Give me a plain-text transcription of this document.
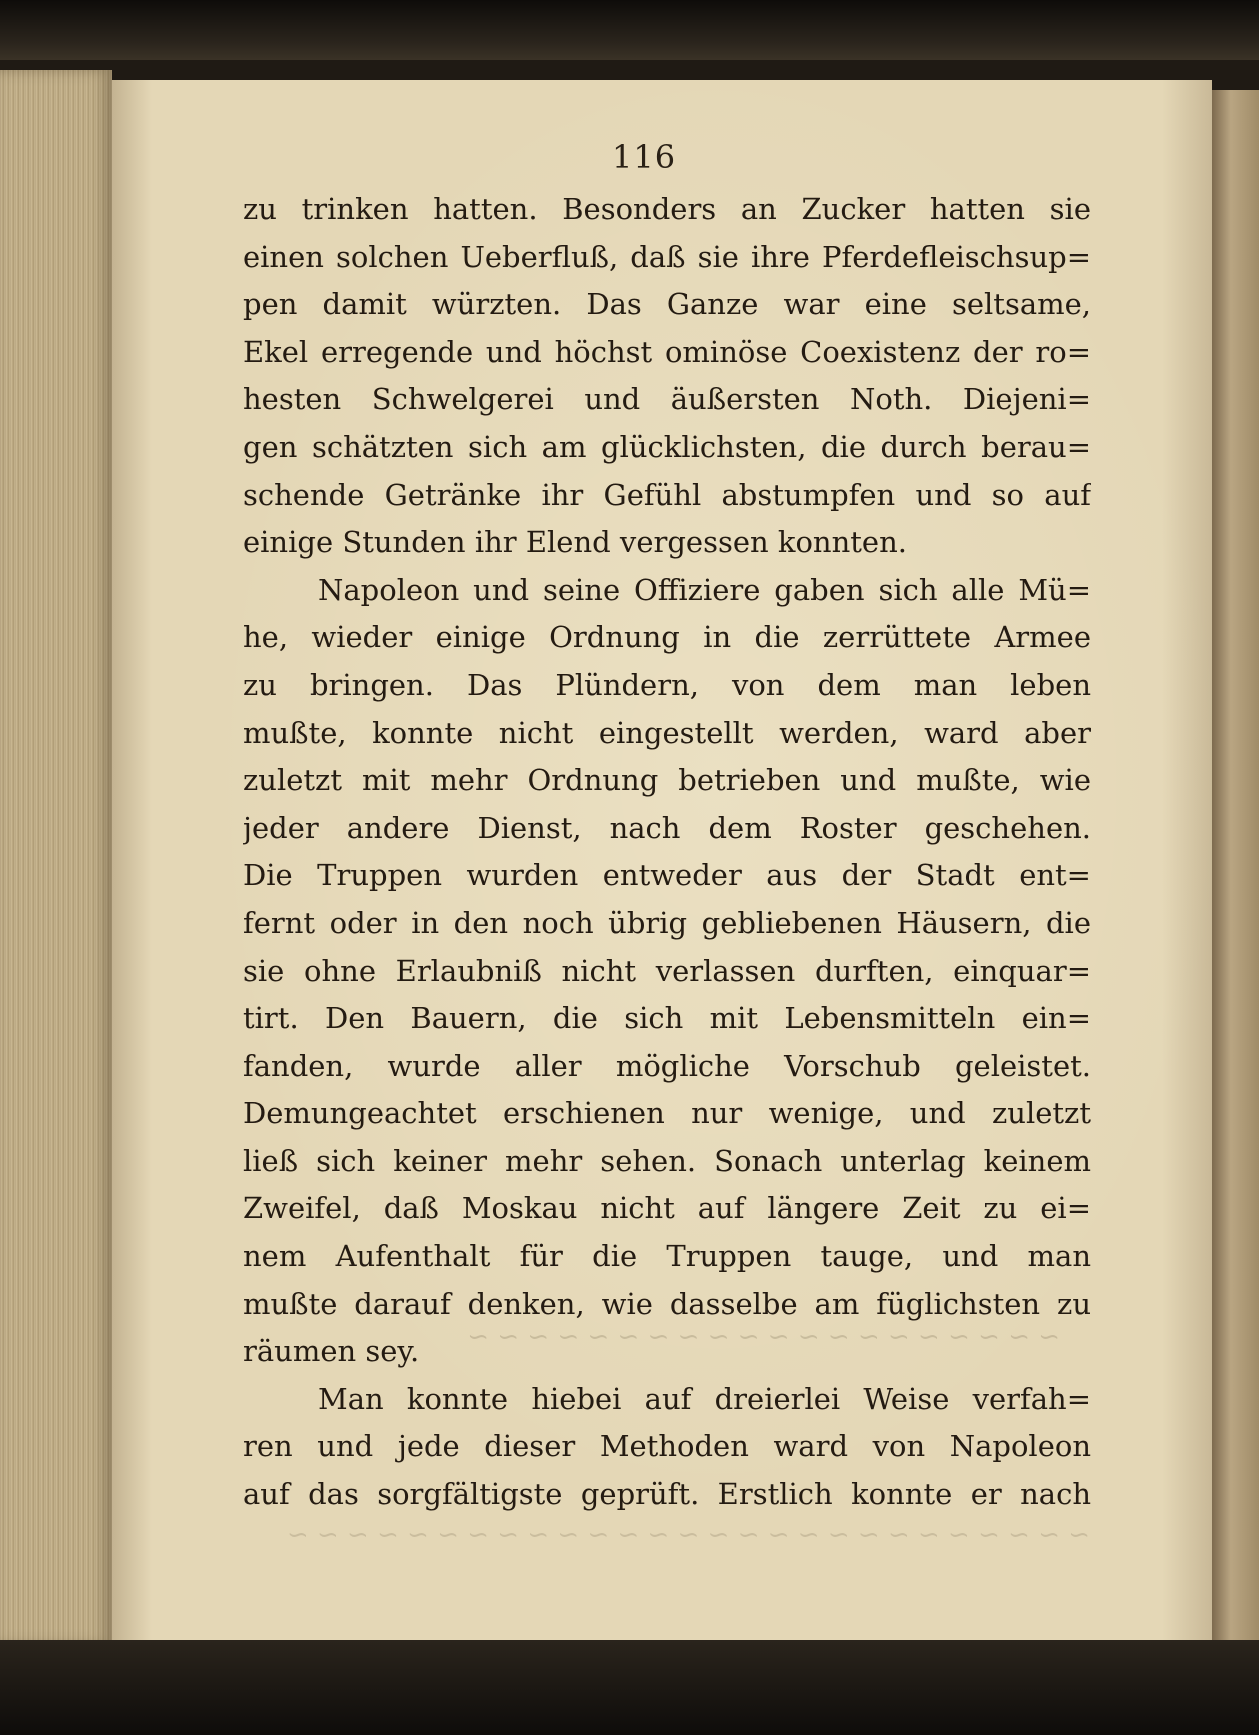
~ ~ ~ ~ ~ ~ ~ ~ ~ ~ ~ ~ ~ ~ ~ ~ ~ ~ ~ ~
~ ~ ~ ~ ~ ~ ~ ~ ~ ~ ~ ~ ~ ~ ~ ~ ~ ~ ~ ~ ~ ~ ~ ~ ~ ~ ~
116
zu trinken hatten. Besonders an Zucker hatten sie
einen solchen Ueberfluß, daß sie ihre Pferdefleischsup=
pen damit würzten. Das Ganze war eine seltsame,
Ekel erregende und höchst ominöse Coexistenz der ro=
hesten Schwelgerei und äußersten Noth. Diejeni=
gen schätzten sich am glücklichsten, die durch berau=
schende Getränke ihr Gefühl abstumpfen und so auf
einige Stunden ihr Elend vergessen konnten.
Napoleon und seine Offiziere gaben sich alle Mü=
he, wieder einige Ordnung in die zerrüttete Armee
zu bringen. Das Plündern, von dem man leben
mußte, konnte nicht eingestellt werden, ward aber
zuletzt mit mehr Ordnung betrieben und mußte, wie
jeder andere Dienst, nach dem Roster geschehen.
Die Truppen wurden entweder aus der Stadt ent=
fernt oder in den noch übrig gebliebenen Häusern, die
sie ohne Erlaubniß nicht verlassen durften, einquar=
tirt. Den Bauern, die sich mit Lebensmitteln ein=
fanden, wurde aller mögliche Vorschub geleistet.
Demungeachtet erschienen nur wenige, und zuletzt
ließ sich keiner mehr sehen. Sonach unterlag keinem
Zweifel, daß Moskau nicht auf längere Zeit zu ei=
nem Aufenthalt für die Truppen tauge, und man
mußte darauf denken, wie dasselbe am füglichsten zu
räumen sey.
Man konnte hiebei auf dreierlei Weise verfah=
ren und jede dieser Methoden ward von Napoleon
auf das sorgfältigste geprüft. Erstlich konnte er nach
